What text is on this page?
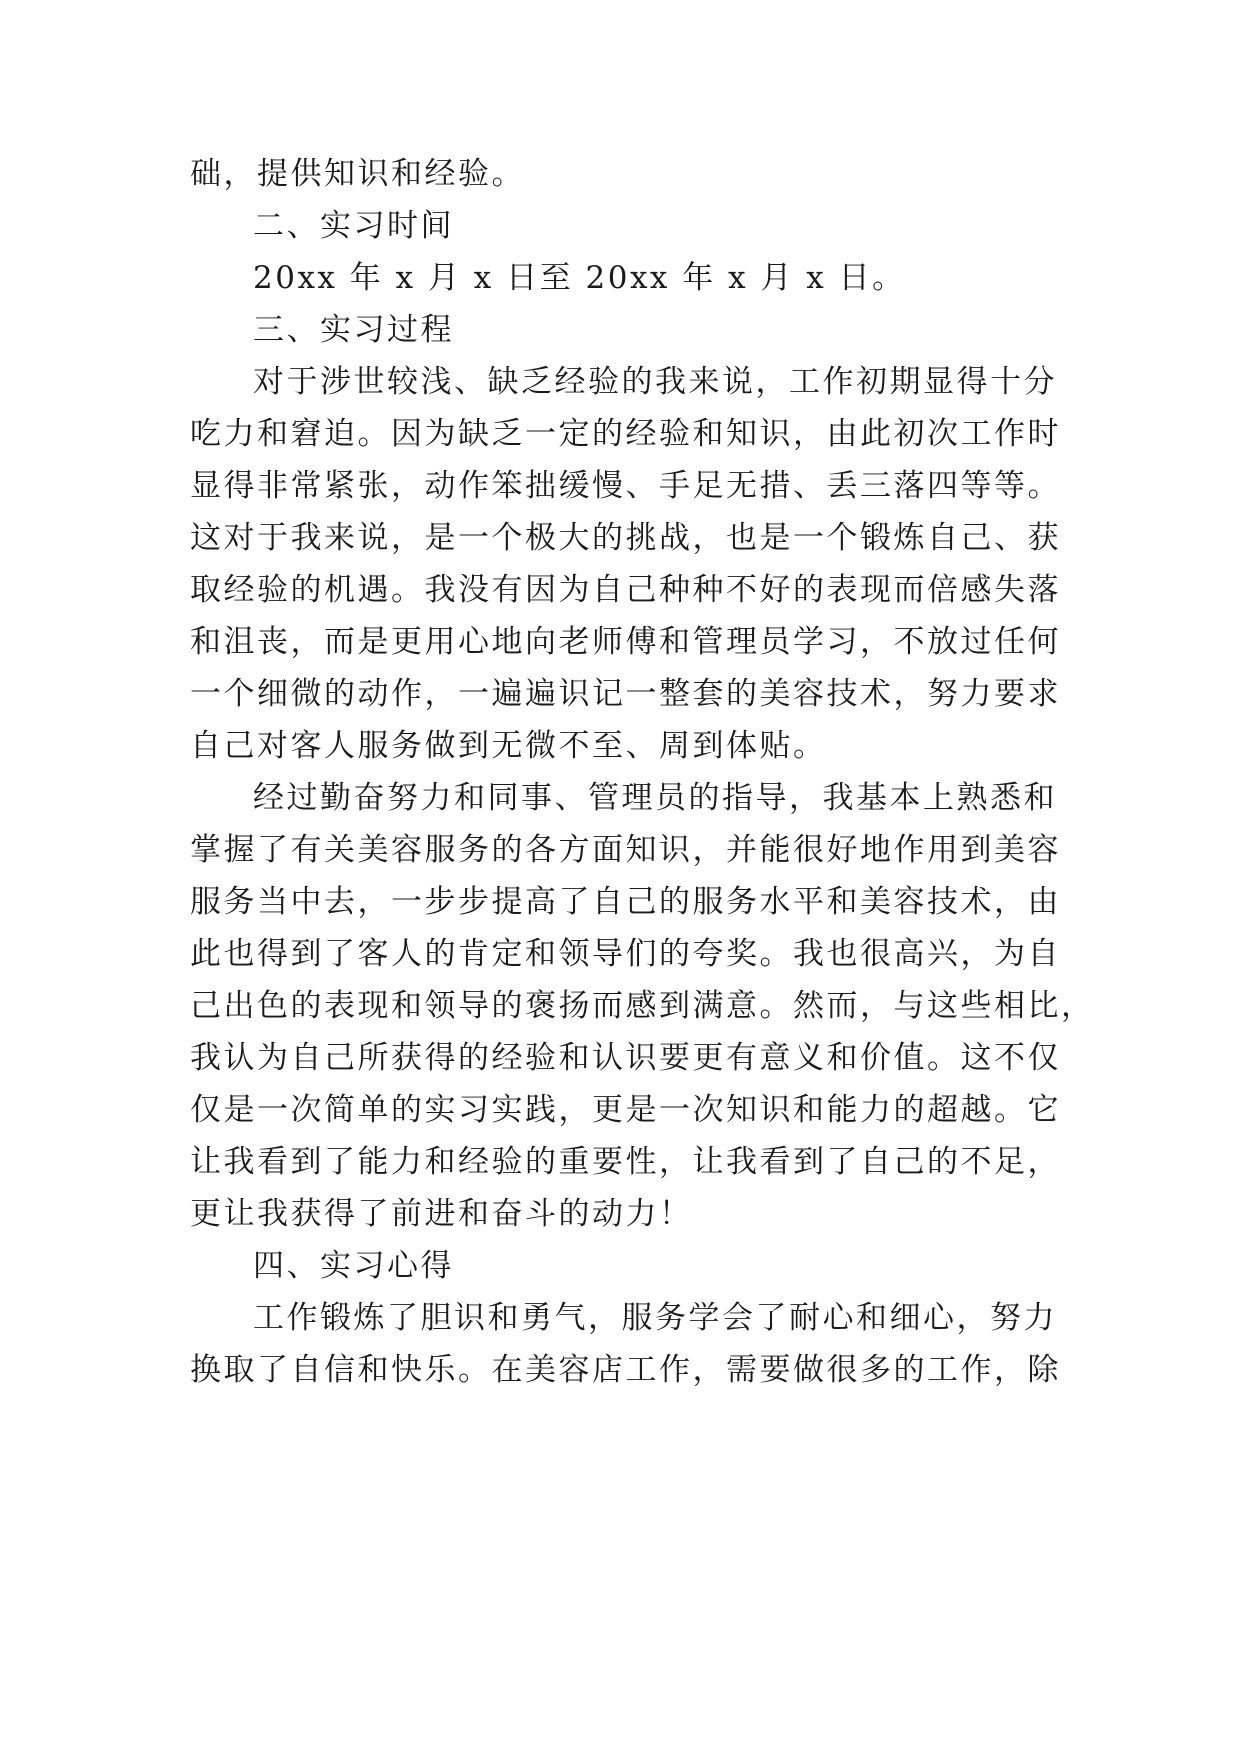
础，提供知识和经验。
二、实习时间
20xx 年 x 月 x 日至 20xx 年 x 月 x 日。
三、实习过程
对于涉世较浅、缺乏经验的我来说，工作初期显得十分
吃力和窘迫。因为缺乏一定的经验和知识，由此初次工作时
显得非常紧张，动作笨拙缓慢、手足无措、丢三落四等等。
这对于我来说，是一个极大的挑战，也是一个锻炼自己、获
取经验的机遇。我没有因为自己种种不好的表现而倍感失落
和沮丧，而是更用心地向老师傅和管理员学习，不放过任何
一个细微的动作，一遍遍识记一整套的美容技术，努力要求
自己对客人服务做到无微不至、周到体贴。
经过勤奋努力和同事、管理员的指导，我基本上熟悉和
掌握了有关美容服务的各方面知识，并能很好地作用到美容
服务当中去，一步步提高了自己的服务水平和美容技术，由
此也得到了客人的肯定和领导们的夸奖。我也很高兴，为自
己出色的表现和领导的褒扬而感到满意。然而，与这些相比，
我认为自己所获得的经验和认识要更有意义和价值。这不仅
仅是一次简单的实习实践，更是一次知识和能力的超越。它
让我看到了能力和经验的重要性，让我看到了自己的不足，
更让我获得了前进和奋斗的动力！
四、实习心得
工作锻炼了胆识和勇气，服务学会了耐心和细心，努力
换取了自信和快乐。在美容店工作，需要做很多的工作，除
